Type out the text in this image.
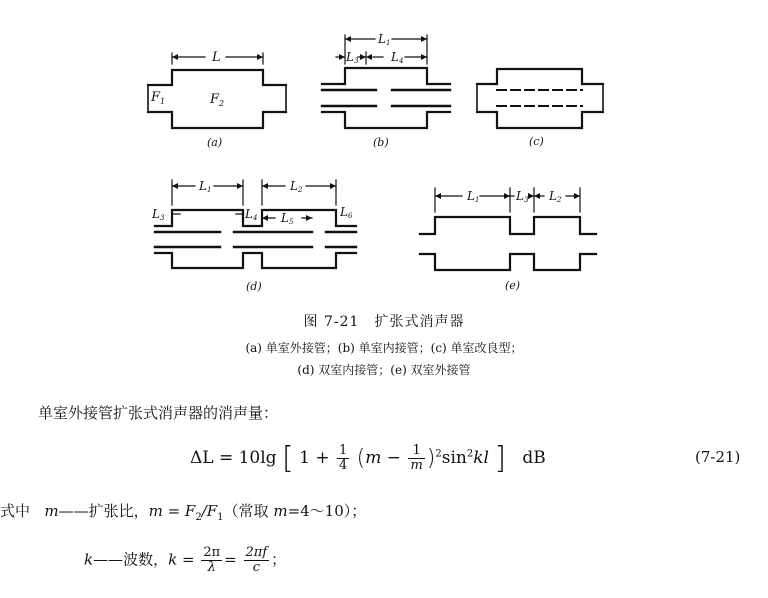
L
F 1	F 2
L 1
L 3	L 4
L 1	L 2
L 3	L 4 L 5
L 6
L 1	L 3 L 2
(a)	(b)	(c)
(d)	(e)
图 7-21　扩张式消声器
(a) 单室外接管；(b) 单室内接管；(c) 单室改良型；
(d) 双室内接管；(e) 双室外接管
单室外接管扩张式消声器的消声量：
ΔL = 10lg [ $1 + \frac{1}{4} (m - \frac{1}{m} )^2\sin^2kl$ ] dB	(7-21)
式中 m——扩张比，$m = F_2/F_1$（常取 m=4～10）；
k——波数，$k = \frac{2\pi}{\lambda} = \frac{2\pi f}{c}$ ；
